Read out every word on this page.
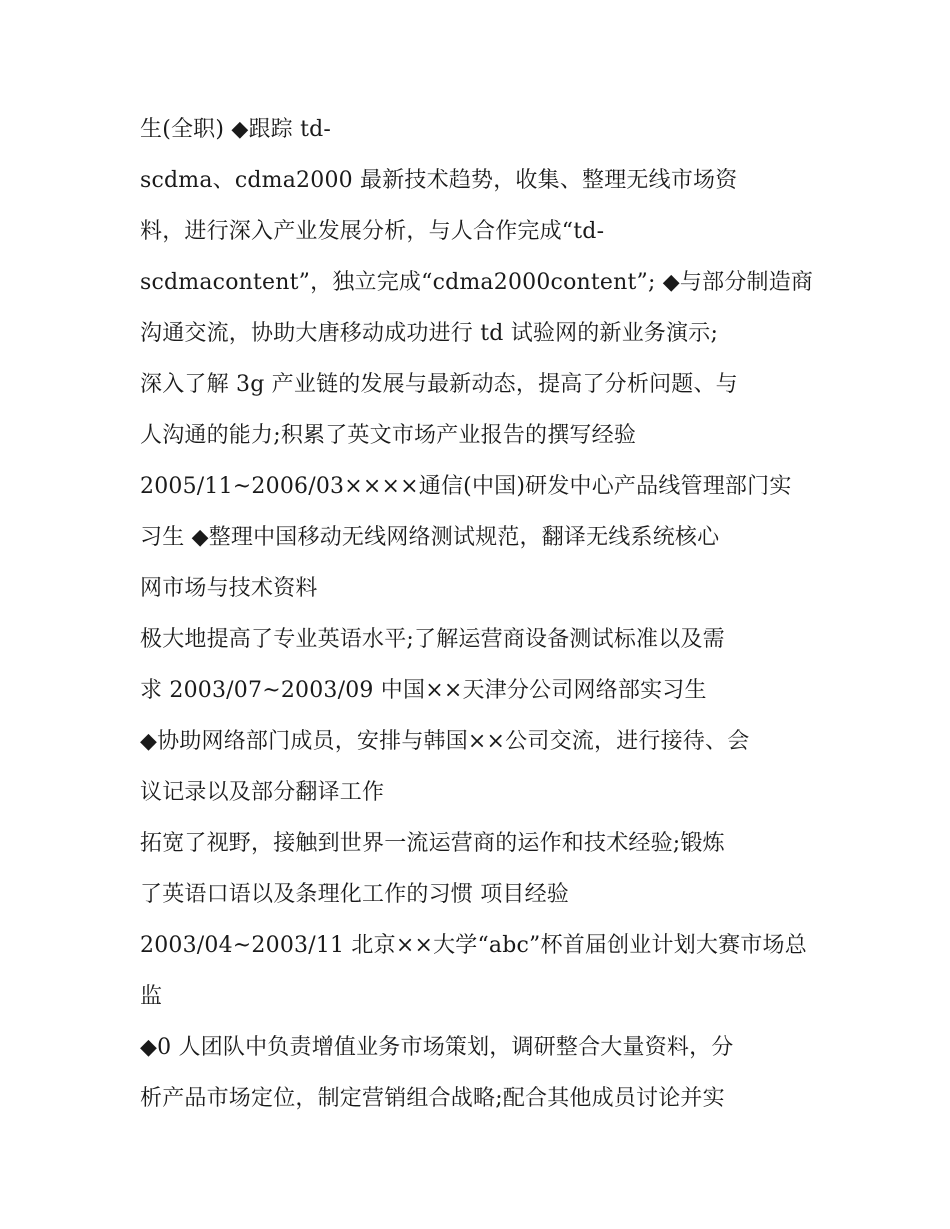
生(全职) ◆跟踪 td-
scdma、cdma2000 最新技术趋势，收集、整理无线市场资
料，进行深入产业发展分析，与人合作完成“td-
scdmacontent”，独立完成“cdma2000content”; ◆与部分制造商
沟通交流，协助大唐移动成功进行 td 试验网的新业务演示;
深入了解 3g 产业链的发展与最新动态，提高了分析问题、与
人沟通的能力;积累了英文市场产业报告的撰写经验
2005/11~2006/03××××通信(中国)研发中心产品线管理部门实
习生 ◆整理中国移动无线网络测试规范，翻译无线系统核心
网市场与技术资料
极大地提高了专业英语水平;了解运营商设备测试标准以及需
求 2003/07~2003/09 中国××天津分公司网络部实习生
◆协助网络部门成员，安排与韩国××公司交流，进行接待、会
议记录以及部分翻译工作
拓宽了视野，接触到世界一流运营商的运作和技术经验;锻炼
了英语口语以及条理化工作的习惯 项目经验
2003/04~2003/11 北京××大学“abc”杯首届创业计划大赛市场总
监
◆0 人团队中负责增值业务市场策划，调研整合大量资料，分
析产品市场定位，制定营销组合战略;配合其他成员讨论并实
